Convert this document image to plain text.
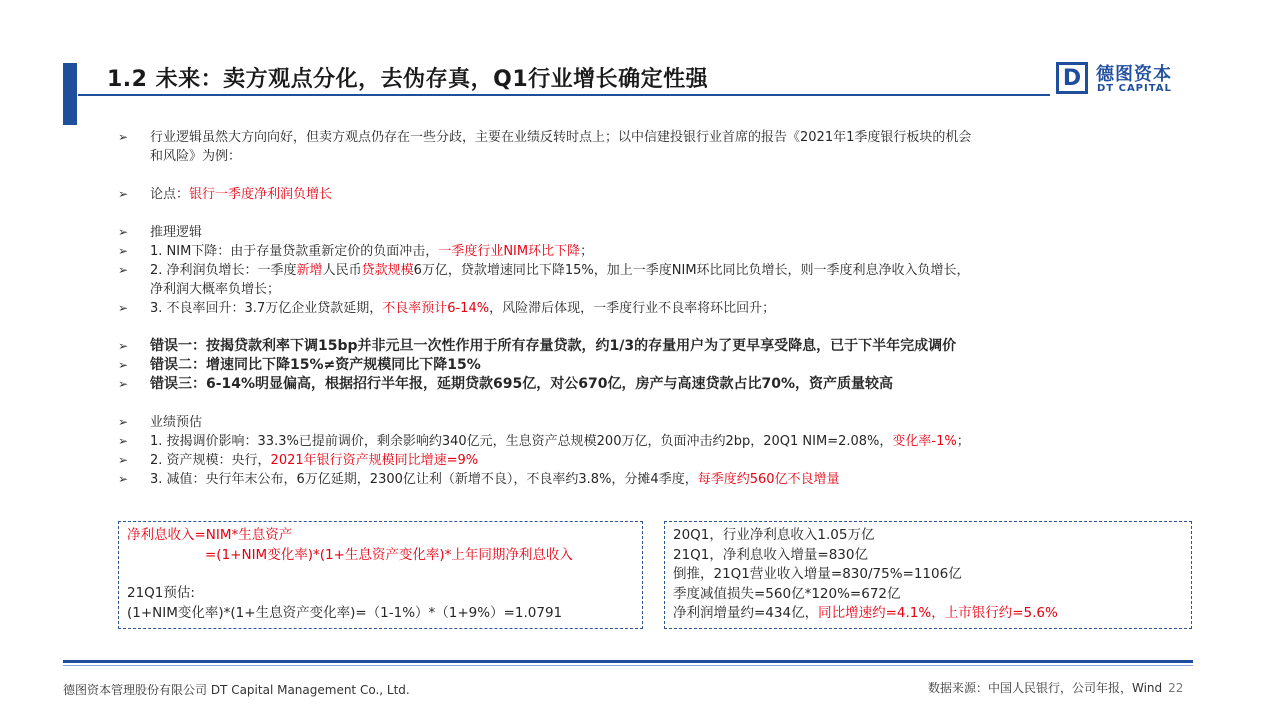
1.2 未来：卖方观点分化，去伪存真，Q1行业增长确定性强	D 德图资本
DT CAPITAL
➢	行业逻辑虽然大方向向好，但卖方观点仍存在一些分歧，主要在业绩反转时点上；以中信建投银行业首席的报告《2021年1季度银行板块的机会
和风险》为例：
➢	论点：银行一季度净利润负增长
➢	推理逻辑
➢	1. NIM下降：由于存量贷款重新定价的负面冲击，一季度行业NIM环比下降；
➢	2. 净利润负增长：一季度新增人民币贷款规模6万亿，贷款增速同比下降15%，加上一季度NIM环比同比负增长，则一季度利息净收入负增长，
净利润大概率负增长；
➢	3. 不良率回升：3.7万亿企业贷款延期，不良率预计6-14%，风险滞后体现，一季度行业不良率将环比回升；
➢	错误一：按揭贷款利率下调15bp并非元旦一次性作用于所有存量贷款，约1/3的存量用户为了更早享受降息，已于下半年完成调价
➢	错误二：增速同比下降15%≠资产规模同比下降15%
➢	错误三：6-14%明显偏高，根据招行半年报，延期贷款695亿，对公670亿，房产与高速贷款占比70%，资产质量较高
➢	业绩预估
➢	1. 按揭调价影响：33.3%已提前调价，剩余影响约340亿元，生息资产总规模200万亿，负面冲击约2bp，20Q1 NIM=2.08%，变化率-1%；
➢	2. 资产规模：央行，2021年银行资产规模同比增速=9%
➢	3. 减值：央行年末公布，6万亿延期，2300亿让利（新增不良），不良率约3.8%，分摊4季度，每季度约560亿不良增量
净利息收入=NIM*生息资产
=(1+NIM变化率)*(1+生息资产变化率)*上年同期净利息收入
21Q1预估:
(1+NIM变化率)*(1+生息资产变化率)=（1-1%）*（1+9%）=1.0791
20Q1，行业净利息收入1.05万亿
21Q1，净利息收入增量=830亿
倒推，21Q1营业收入增量=830/75%=1106亿
季度减值损失=560亿*120%=672亿
净利润增量约=434亿，同比增速约=4.1%，上市银行约=5.6%
德图资本管理股份有限公司 DT Capital Management Co., Ltd.	数据来源：中国人民银行，公司年报，Wind 22
